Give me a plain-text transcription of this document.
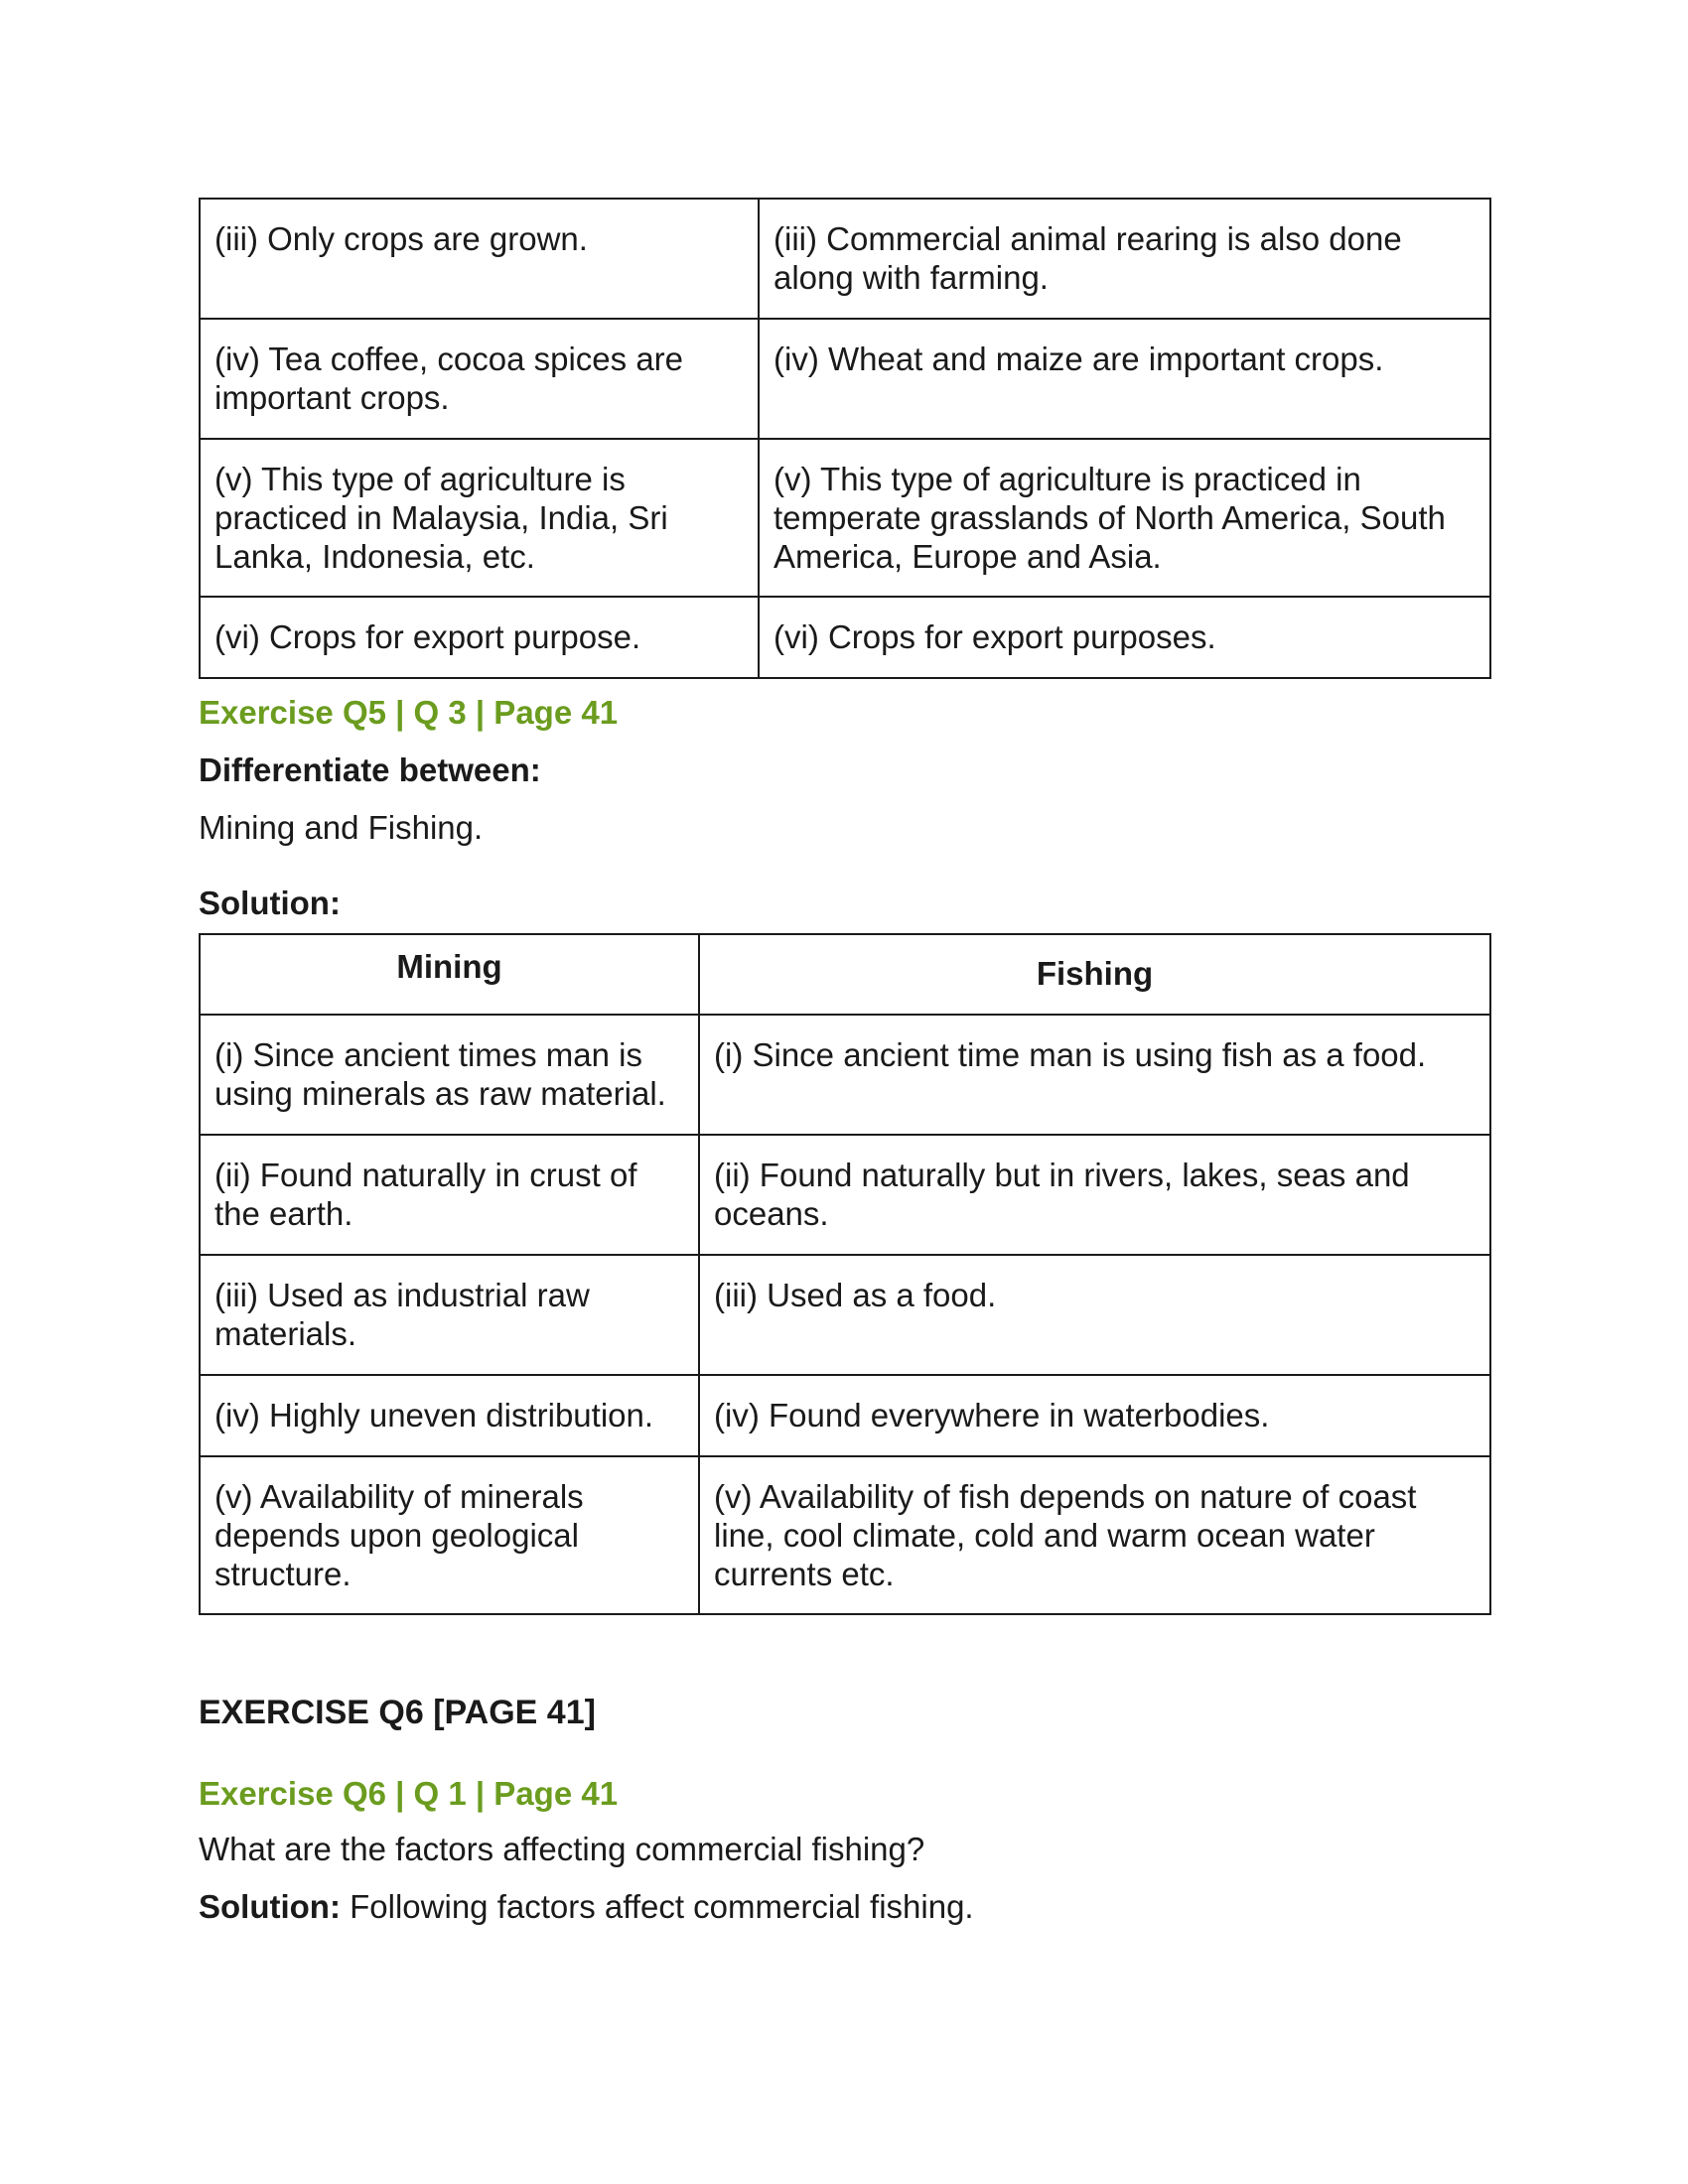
(iii) Only crops are grown.	(iii) Commercial animal rearing is also done along with farming.
(iv) Tea coffee, cocoa spices are important crops.	(iv) Wheat and maize are important crops.
(v) This type of agriculture is practiced in Malaysia, India, Sri Lanka, Indonesia, etc.	(v) This type of agriculture is practiced in temperate grasslands of North America, South America, Europe and Asia.
(vi) Crops for export purpose.	(vi) Crops for export purposes.

Exercise Q5 | Q 3 | Page 41

Differentiate between:

Mining and Fishing.

Solution:

Mining	Fishing
(i) Since ancient times man is using minerals as raw material.	(i) Since ancient time man is using fish as a food.
(ii) Found naturally in crust of the earth.	(ii) Found naturally but in rivers, lakes, seas and oceans.
(iii) Used as industrial raw materials.	(iii) Used as a food.
(iv) Highly uneven distribution.	(iv) Found everywhere in waterbodies.
(v) Availability of minerals depends upon geological structure.	(v) Availability of fish depends on nature of coast line, cool climate, cold and warm ocean water currents etc.

EXERCISE Q6 [PAGE 41]

Exercise Q6 | Q 1 | Page 41

What are the factors affecting commercial fishing?

Solution: Following factors affect commercial fishing.
